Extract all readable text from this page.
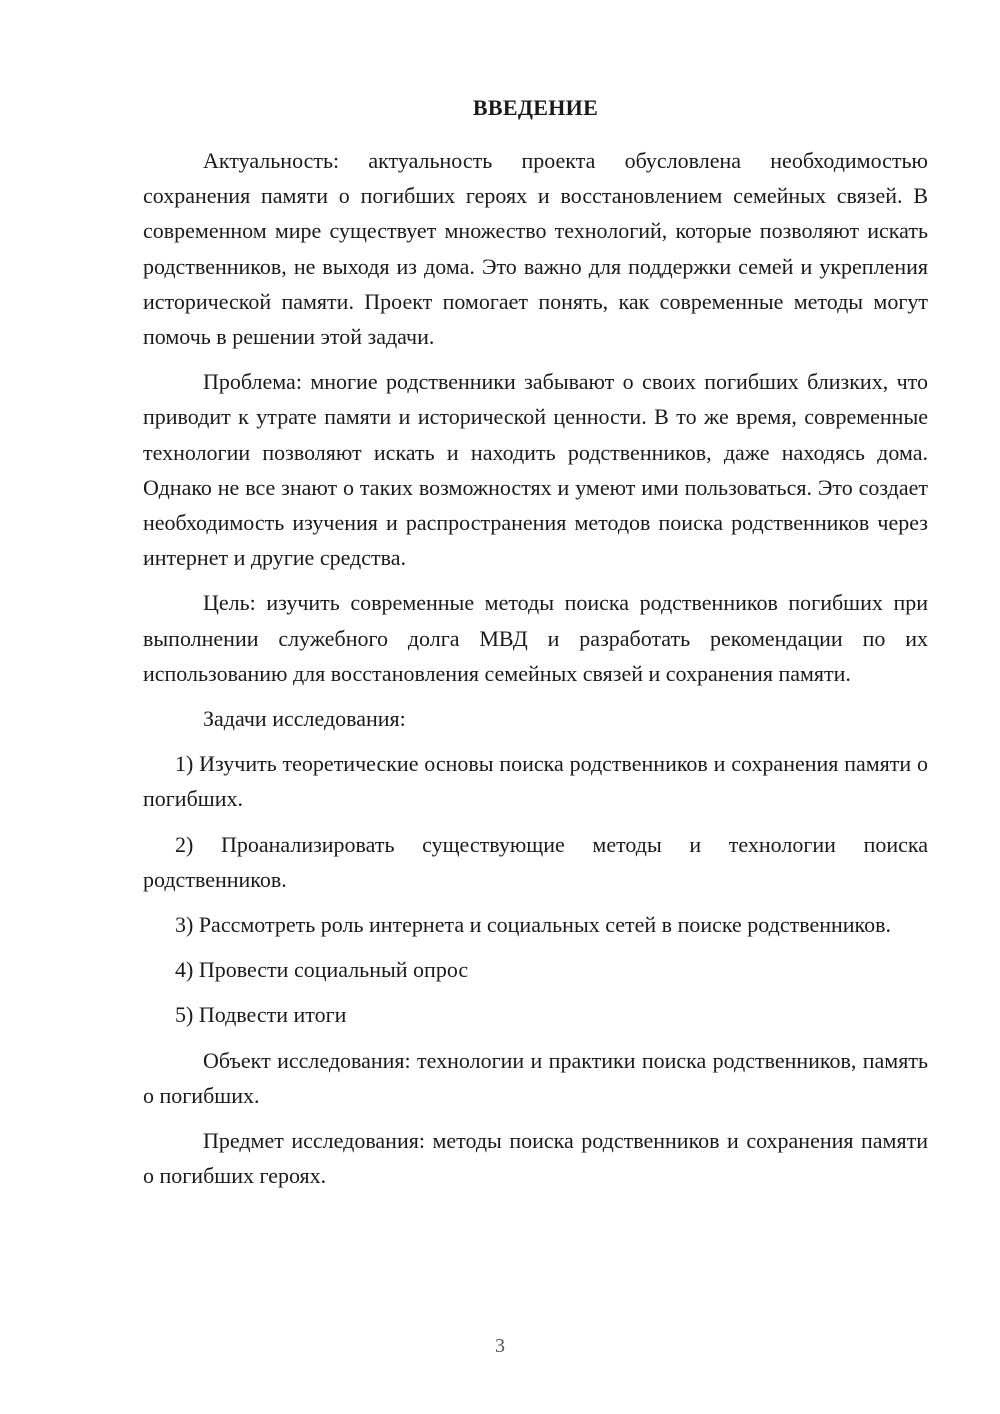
ВВЕДЕНИЕ

Актуальность: актуальность проекта обусловлена необходимостью сохранения памяти о погибших героях и восстановлением семейных связей. В современном мире существует множество технологий, которые позволяют искать родственников, не выходя из дома. Это важно для поддержки семей и укрепления исторической памяти. Проект помогает понять, как современные методы могут помочь в решении этой задачи.

Проблема: многие родственники забывают о своих погибших близких, что приводит к утрате памяти и исторической ценности. В то же время, современные технологии позволяют искать и находить родственников, даже находясь дома. Однако не все знают о таких возможностях и умеют ими пользоваться. Это создает необходимость изучения и распространения методов поиска родственников через интернет и другие средства.

Цель: изучить современные методы поиска родственников погибших при выполнении служебного долга МВД и разработать рекомендации по их использованию для восстановления семейных связей и сохранения памяти.

Задачи исследования:

1) Изучить теоретические основы поиска родственников и сохранения памяти о погибших.

2) Проанализировать существующие методы и технологии поиска родственников.

3) Рассмотреть роль интернета и социальных сетей в поиске родственников.

4) Провести социальный опрос

5) Подвести итоги

Объект исследования: технологии и практики поиска родственников, память о погибших.

Предмет исследования: методы поиска родственников и сохранения памяти о погибших героях.

3
